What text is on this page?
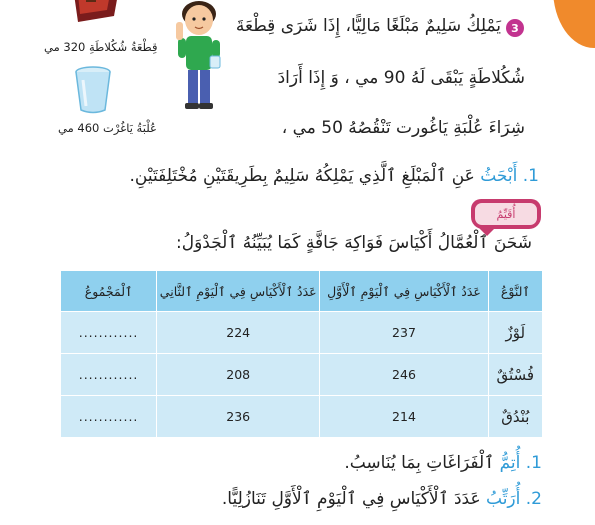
قِطْعَةُ شُكُلاطَةِ 320 مي
عُلْبَةُ يَاغُرْت 460 مي
3
يَمْلِكُ سَلِيمٌ مَبْلَغًا مَالِيًّا، إِذَا شَرَى قِطْعَةَ
شُكُلاطَةٍ يَبْقَى لَهُ 90 مي ، وَ إِذَا أَرَادَ
شِرَاءَ عُلْبَةِ يَاغُورت تَنْقُصُهُ 50 مي ،
1. أَبْحَثُ عَنِ ٱلْمَبْلَغِ ٱلَّذِي يَمْلِكُهُ سَلِيمٌ بِطَرِيقَتَيْنِ مُخْتَلِفَتَيْنِ.
أُقَيِّمُ
شَحَنَ ٱلْعُمَّالُ أَكْيَاسَ فَوَاكِهَ جَافَّةٍ كَمَا يُبَيِّنُهُ ٱلْجَدْوَلُ:
ٱلنَّوْعُ	عَدَدُ ٱلْأَكْيَاسِ فِي ٱلْيَوْمِ ٱلْأَوَّلِ	عَدَدُ ٱلْأَكْيَاسِ فِي ٱلْيَوْمِ ٱلثَّانِي	ٱلْمَجْمُوعُ
لَوْزٌ	237	224	............
فُسْتُقٌ	246	208	............
بُنْدُقٌ	214	236	............
1. أُتِمُّ ٱلْفَرَاغَاتِ بِمَا يُنَاسِبُ.
2. أُرَتِّبُ عَدَدَ ٱلْأَكْيَاسِ فِي ٱلْيَوْمِ ٱلْأَوَّلِ تَنَازُلِيًّا.
